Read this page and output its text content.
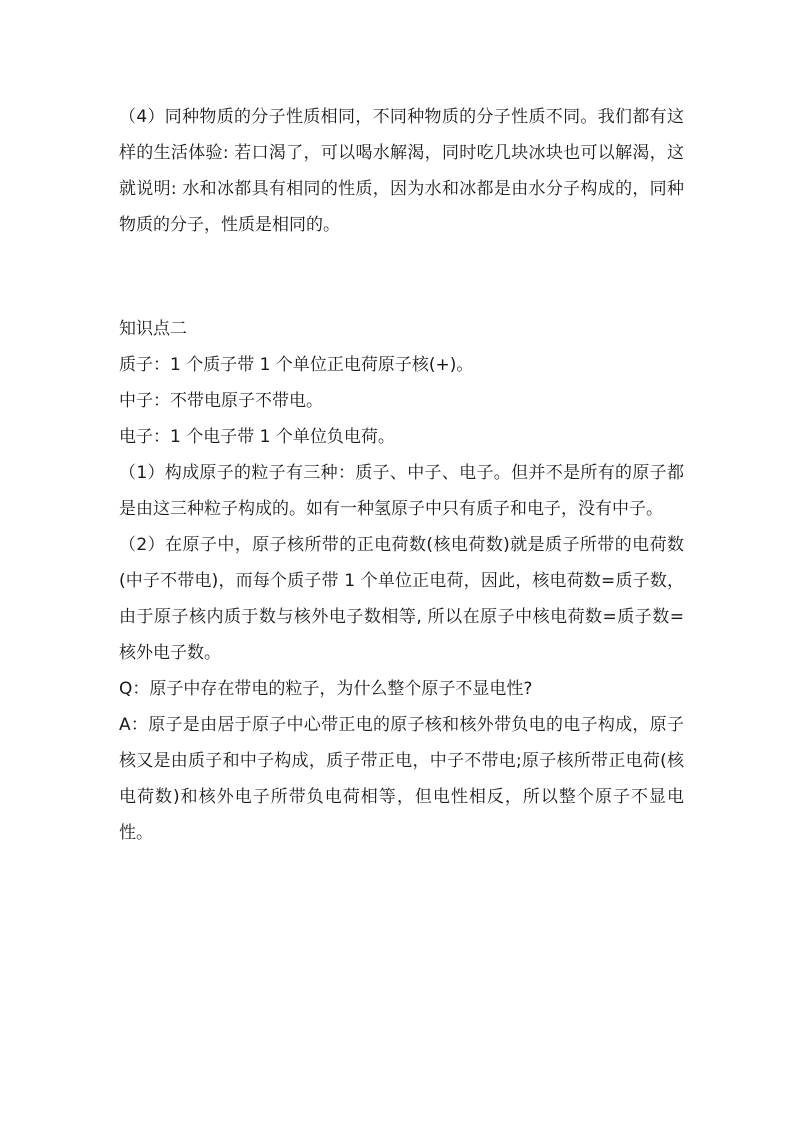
（4）同种物质的分子性质相同，不同种物质的分子性质不同。我们都有这样的生活体验: 若口渴了，可以喝水解渴，同时吃几块冰块也可以解渴，这就说明: 水和冰都具有相同的性质，因为水和冰都是由水分子构成的，同种物质的分子，性质是相同的。

知识点二

质子：1 个质子带 1 个单位正电荷原子核(+)。

中子：不带电原子不带电。

电子：1 个电子带 1 个单位负电荷。

（1）构成原子的粒子有三种：质子、中子、电子。但并不是所有的原子都是由这三种粒子构成的。如有一种氢原子中只有质子和电子，没有中子。

（2）在原子中，原子核所带的正电荷数(核电荷数)就是质子所带的电荷数(中子不带电)，而每个质子带 1 个单位正电荷，因此，核电荷数=质子数，由于原子核内质于数与核外电子数相等, 所以在原子中核电荷数=质子数=核外电子数。

Q：原子中存在带电的粒子，为什么整个原子不显电性?

A：原子是由居于原子中心带正电的原子核和核外带负电的电子构成，原子核又是由质子和中子构成，质子带正电，中子不带电;原子核所带正电荷(核电荷数)和核外电子所带负电荷相等，但电性相反，所以整个原子不显电性。
